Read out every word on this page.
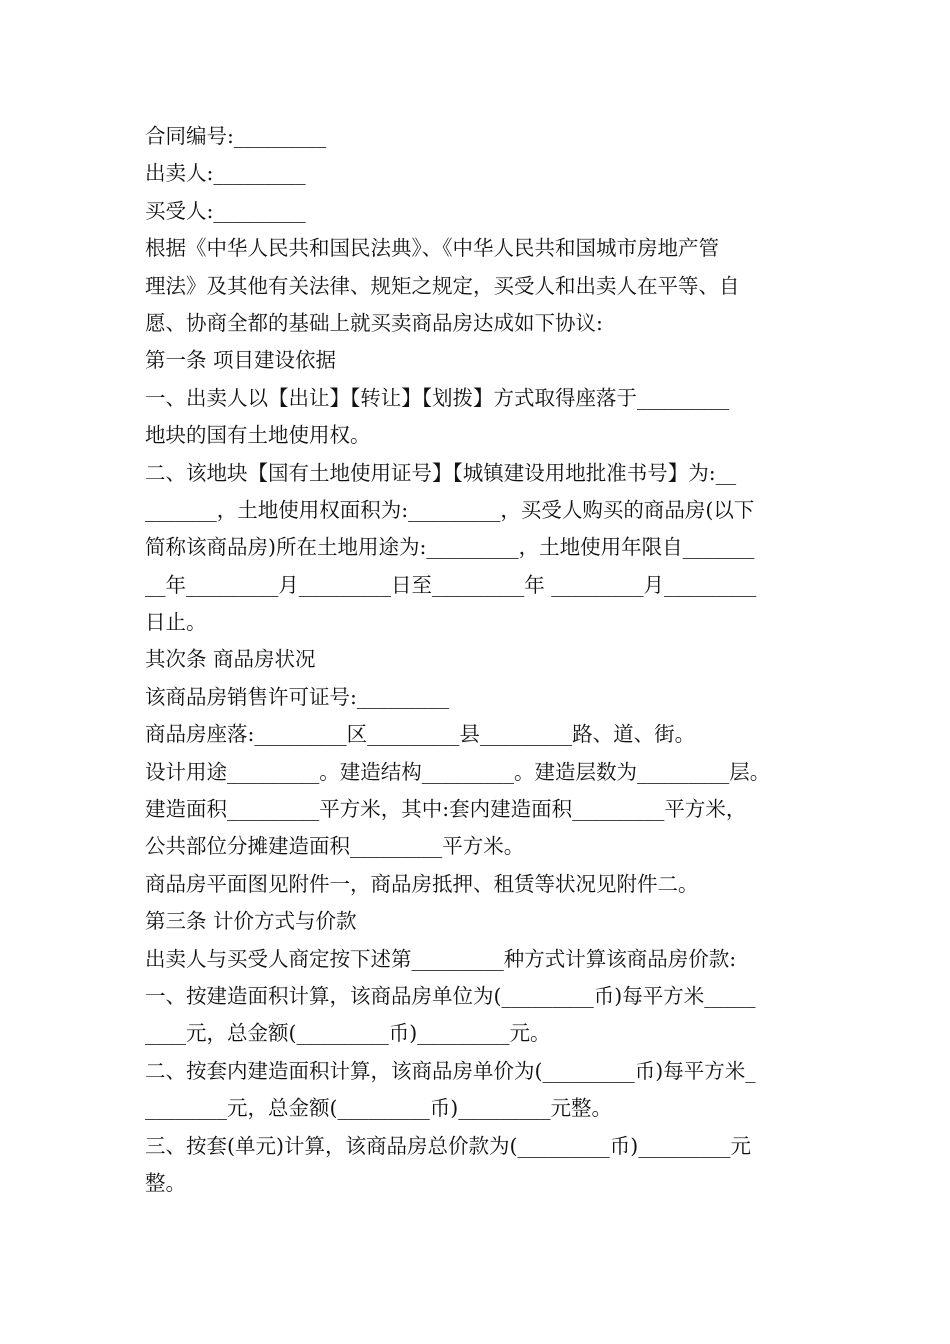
合同编号:_________
出卖人:_________
买受人:_________
根据《中华人民共和国民法典》、《中华人民共和国城市房地产管
理法》及其他有关法律、规矩之规定，买受人和出卖人在平等、自
愿、协商全都的基础上就买卖商品房达成如下协议:
第一条 项目建设依据
一、出卖人以【出让】【转让】【划拨】方式取得座落于_________
地块的国有土地使用权。
二、该地块【国有土地使用证号】【城镇建设用地批准书号】为:__
_______，土地使用权面积为:_________，买受人购买的商品房(以下
简称该商品房)所在土地用途为:_________，土地使用年限自_______
__年_________月_________日至_________年 _________月_________
日止。
其次条 商品房状况
该商品房销售许可证号:_________
商品房座落:_________区_________县_________路、道、街。
设计用途_________。建造结构_________。建造层数为_________层。
建造面积_________平方米，其中:套内建造面积_________平方米，
公共部位分摊建造面积_________平方米。
商品房平面图见附件一，商品房抵押、租赁等状况见附件二。
第三条 计价方式与价款
出卖人与买受人商定按下述第_________种方式计算该商品房价款:
一、按建造面积计算，该商品房单位为(_________币)每平方米_____
____元，总金额(_________币)_________元。
二、按套内建造面积计算，该商品房单价为(_________币)每平方米_
________元，总金额(_________币)_________元整。
三、按套(单元)计算，该商品房总价款为(_________币)_________元
整。
